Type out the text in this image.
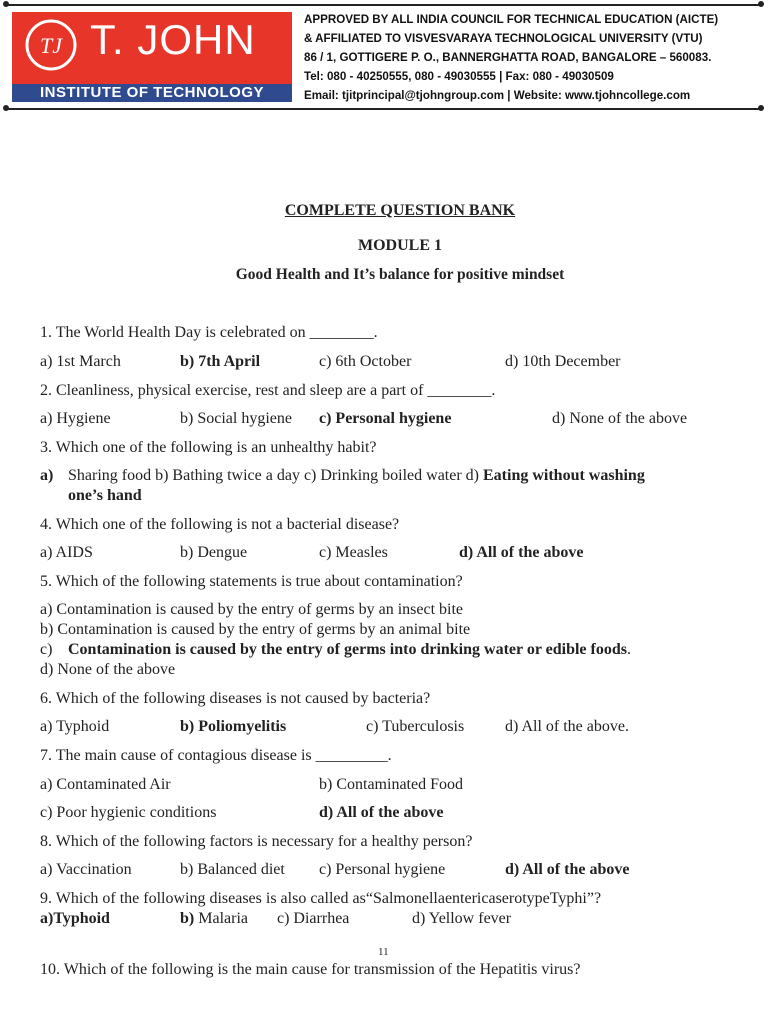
TJ T. JOHN
INSTITUTE OF TECHNOLOGY
APPROVED BY ALL INDIA COUNCIL FOR TECHNICAL EDUCATION (AICTE)
& AFFILIATED TO VISVESVARAYA TECHNOLOGICAL UNIVERSITY (VTU)
86 / 1, GOTTIGERE P. O., BANNERGHATTA ROAD, BANGALORE – 560083.
Tel: 080 - 40250555, 080 - 49030555 | Fax: 080 - 49030509
Email: tjitprincipal@tjohngroup.com | Website: www.tjohncollege.com
COMPLETE QUESTION BANK
MODULE 1
Good Health and It’s balance for positive mindset
1. The World Health Day is celebrated on ________.
a) 1st March	b) 7th April	c) 6th October	d) 10th December
2. Cleanliness, physical exercise, rest and sleep are a part of ________.
a) Hygiene	b) Social hygiene c) Personal hygiene	d) None of the above
3. Which one of the following is an unhealthy habit?
a) Sharing food b) Bathing twice a day c) Drinking boiled water d) Eating without washing
one’s hand
4. Which one of the following is not a bacterial disease?
a) AIDS	b) Dengue	c) Measles	d) All of the above
5. Which of the following statements is true about contamination?
a) Contamination is caused by the entry of germs by an insect bite
b) Contamination is caused by the entry of germs by an animal bite
c) Contamination is caused by the entry of germs into drinking water or edible foods.
d) None of the above
6. Which of the following diseases is not caused by bacteria?
a) Typhoid	b) Poliomyelitis	c) Tuberculosis	d) All of the above.
7. The main cause of contagious disease is _________.
a) Contaminated Air	b) Contaminated Food
c) Poor hygienic conditions	d) All of the above
8. Which of the following factors is necessary for a healthy person?
a) Vaccination	b) Balanced diet c) Personal hygiene	d) All of the above
9. Which of the following diseases is also called as“SalmonellaentericaserotypeTyphi”?
a)Typhoid	b) Malaria c) Diarrhea	d) Yellow fever
11
10. Which of the following is the main cause for transmission of the Hepatitis virus?
